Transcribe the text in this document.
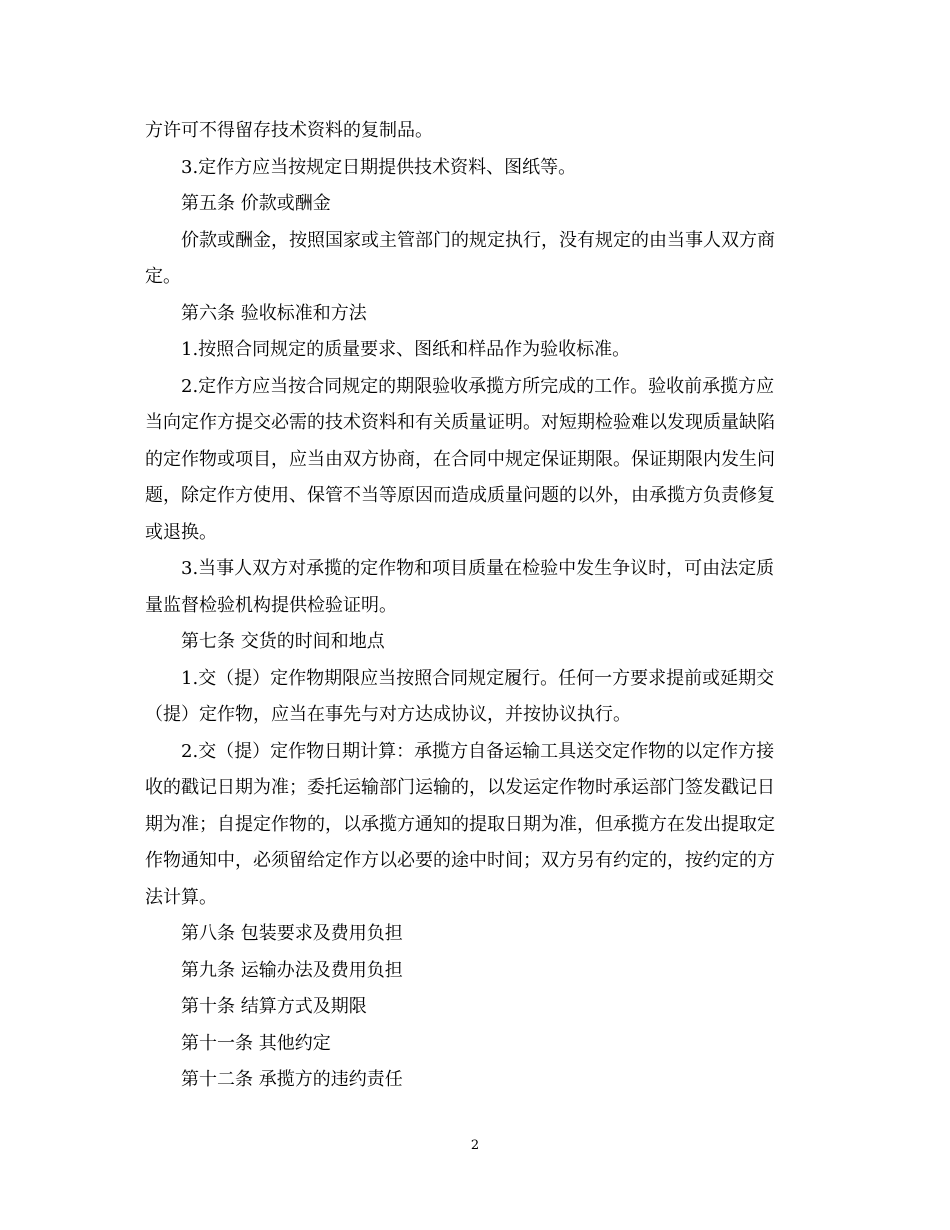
方许可不得留存技术资料的复制品。

3.定作方应当按规定日期提供技术资料、图纸等。

第五条 价款或酬金

价款或酬金，按照国家或主管部门的规定执行，没有规定的由当事人双方商

定。

第六条 验收标准和方法

1.按照合同规定的质量要求、图纸和样品作为验收标准。

2.定作方应当按合同规定的期限验收承揽方所完成的工作。验收前承揽方应

当向定作方提交必需的技术资料和有关质量证明。对短期检验难以发现质量缺陷

的定作物或项目，应当由双方协商，在合同中规定保证期限。保证期限内发生问

题，除定作方使用、保管不当等原因而造成质量问题的以外，由承揽方负责修复

或退换。

3.当事人双方对承揽的定作物和项目质量在检验中发生争议时，可由法定质

量监督检验机构提供检验证明。

第七条 交货的时间和地点

1.交（提）定作物期限应当按照合同规定履行。任何一方要求提前或延期交

（提）定作物，应当在事先与对方达成协议，并按协议执行。

2.交（提）定作物日期计算：承揽方自备运输工具送交定作物的以定作方接

收的戳记日期为准；委托运输部门运输的，以发运定作物时承运部门签发戳记日

期为准；自提定作物的，以承揽方通知的提取日期为准，但承揽方在发出提取定

作物通知中，必须留给定作方以必要的途中时间；双方另有约定的，按约定的方

法计算。

第八条 包装要求及费用负担

第九条 运输办法及费用负担

第十条 结算方式及期限

第十一条 其他约定

第十二条 承揽方的违约责任

2
